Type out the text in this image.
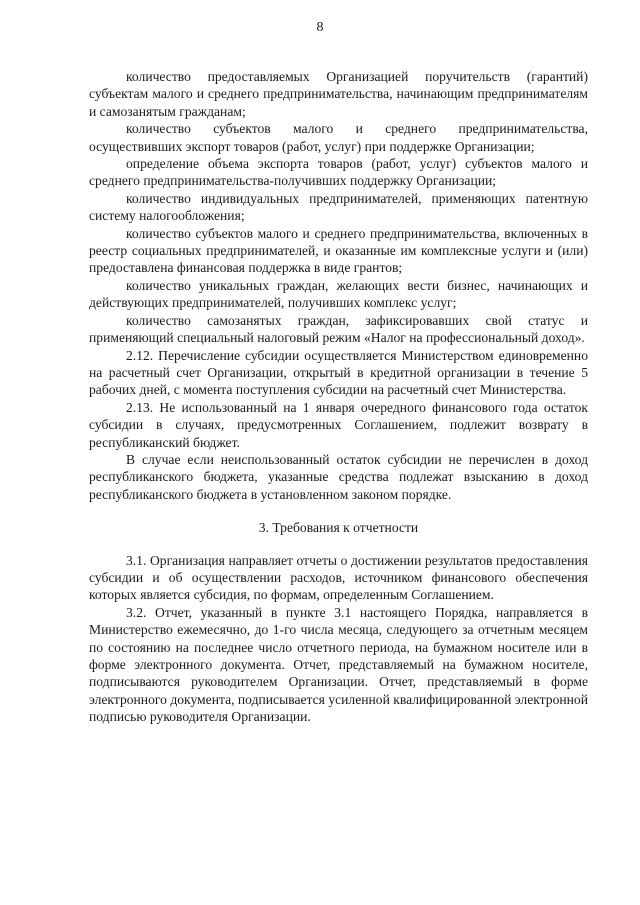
8

количество предоставляемых Организацией поручительств (гарантий) субъектам малого и среднего предпринимательства, начинающим предпринимателям и самозанятым гражданам;

количество субъектов малого и среднего предпринимательства, осуществивших экспорт товаров (работ, услуг) при поддержке Организации;

определение объема экспорта товаров (работ, услуг) субъектов малого и среднего предпринимательства-получивших поддержку Организации;

количество индивидуальных предпринимателей, применяющих патентную систему налогообложения;

количество субъектов малого и среднего предпринимательства, включенных в реестр социальных предпринимателей, и оказанные им комплексные услуги и (или) предоставлена финансовая поддержка в виде грантов;

количество уникальных граждан, желающих вести бизнес, начинающих и действующих предпринимателей, получивших комплекс услуг;

количество самозанятых граждан, зафиксировавших свой статус и применяющий специальный налоговый режим «Налог на профессиональный доход».

2.12. Перечисление субсидии осуществляется Министерством единовременно на расчетный счет Организации, открытый в кредитной организации в течение 5 рабочих дней, с момента поступления субсидии на расчетный счет Министерства.

2.13. Не использованный на 1 января очередного финансового года остаток субсидии в случаях, предусмотренных Соглашением, подлежит возврату в республиканский бюджет.

В случае если неиспользованный остаток субсидии не перечислен в доход республиканского бюджета, указанные средства подлежат взысканию в доход республиканского бюджета в установленном законом порядке.

3. Требования к отчетности

3.1. Организация направляет отчеты о достижении результатов предоставления субсидии и об осуществлении расходов, источником финансового обеспечения которых является субсидия, по формам, определенным Соглашением.

3.2. Отчет, указанный в пункте 3.1 настоящего Порядка, направляется в Министерство ежемесячно, до 1-го числа месяца, следующего за отчетным месяцем по состоянию на последнее число отчетного периода, на бумажном носителе или в форме электронного документа. Отчет, представляемый на бумажном носителе, подписываются руководителем Организации. Отчет, представляемый в форме электронного документа, подписывается усиленной квалифицированной электронной подписью руководителя Организации.
